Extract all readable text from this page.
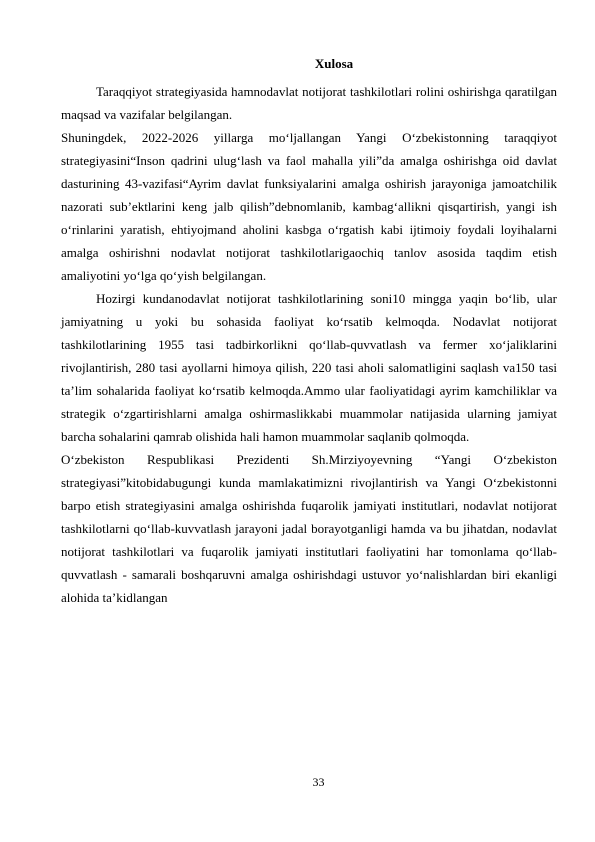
Xulosa

Taraqqiyot strategiyasida hamnodavlat notijorat tashkilotlari rolini oshirishga qaratilgan maqsad va vazifalar belgilangan.

Shuningdek, 2022-2026 yillarga mo‘ljallangan Yangi O‘zbekistonning taraqqiyot strategiyasini“Inson qadrini ulug‘lash va faol mahalla yili”da amalga oshirishga oid davlat dasturining 43-vazifasi“Ayrim davlat funksiyalarini amalga oshirish jarayoniga jamoatchilik nazorati sub’ektlarini keng jalb qilish”debnomlanib, kambag‘allikni qisqartirish, yangi ish o‘rinlarini yaratish, ehtiyojmand aholini kasbga o‘rgatish kabi ijtimoiy foydali loyihalarni amalga oshirishni nodavlat notijorat tashkilotlarigaochiq tanlov asosida taqdim etish amaliyotini yo‘lga qo‘yish belgilangan.

Hozirgi kundanodavlat notijorat tashkilotlarining soni10 mingga yaqin bo‘lib, ular jamiyatning u yoki bu sohasida faoliyat ko‘rsatib kelmoqda. Nodavlat notijorat tashkilotlarining 1955 tasi tadbirkorlikni qo‘llab-quvvatlash va fermer xo‘jaliklarini rivojlantirish, 280 tasi ayollarni himoya qilish, 220 tasi aholi salomatligini saqlash va150 tasi ta’lim sohalarida faoliyat ko‘rsatib kelmoqda.Ammo ular faoliyatidagi ayrim kamchiliklar va strategik o‘zgartirishlarni amalga oshirmaslikkabi muammolar natijasida ularning jamiyat barcha sohalarini qamrab olishida hali hamon muammolar saqlanib qolmoqda.

O‘zbekiston Respublikasi Prezidenti Sh.Mirziyoyevning “Yangi O‘zbekiston strategiyasi”kitobidabugungi kunda mamlakatimizni rivojlantirish va Yangi O‘zbekistonni barpo etish strategiyasini amalga oshirishda fuqarolik jamiyati institutlari, nodavlat notijorat tashkilotlarni qo‘llab-kuvvatlash jarayoni jadal borayotganligi hamda va bu jihatdan, nodavlat notijorat tashkilotlari va fuqarolik jamiyati institutlari faoliyatini har tomonlama qo‘llab-quvvatlash - samarali boshqaruvni amalga oshirishdagi ustuvor yo‘nalishlardan biri ekanligi alohida ta’kidlangan

33
